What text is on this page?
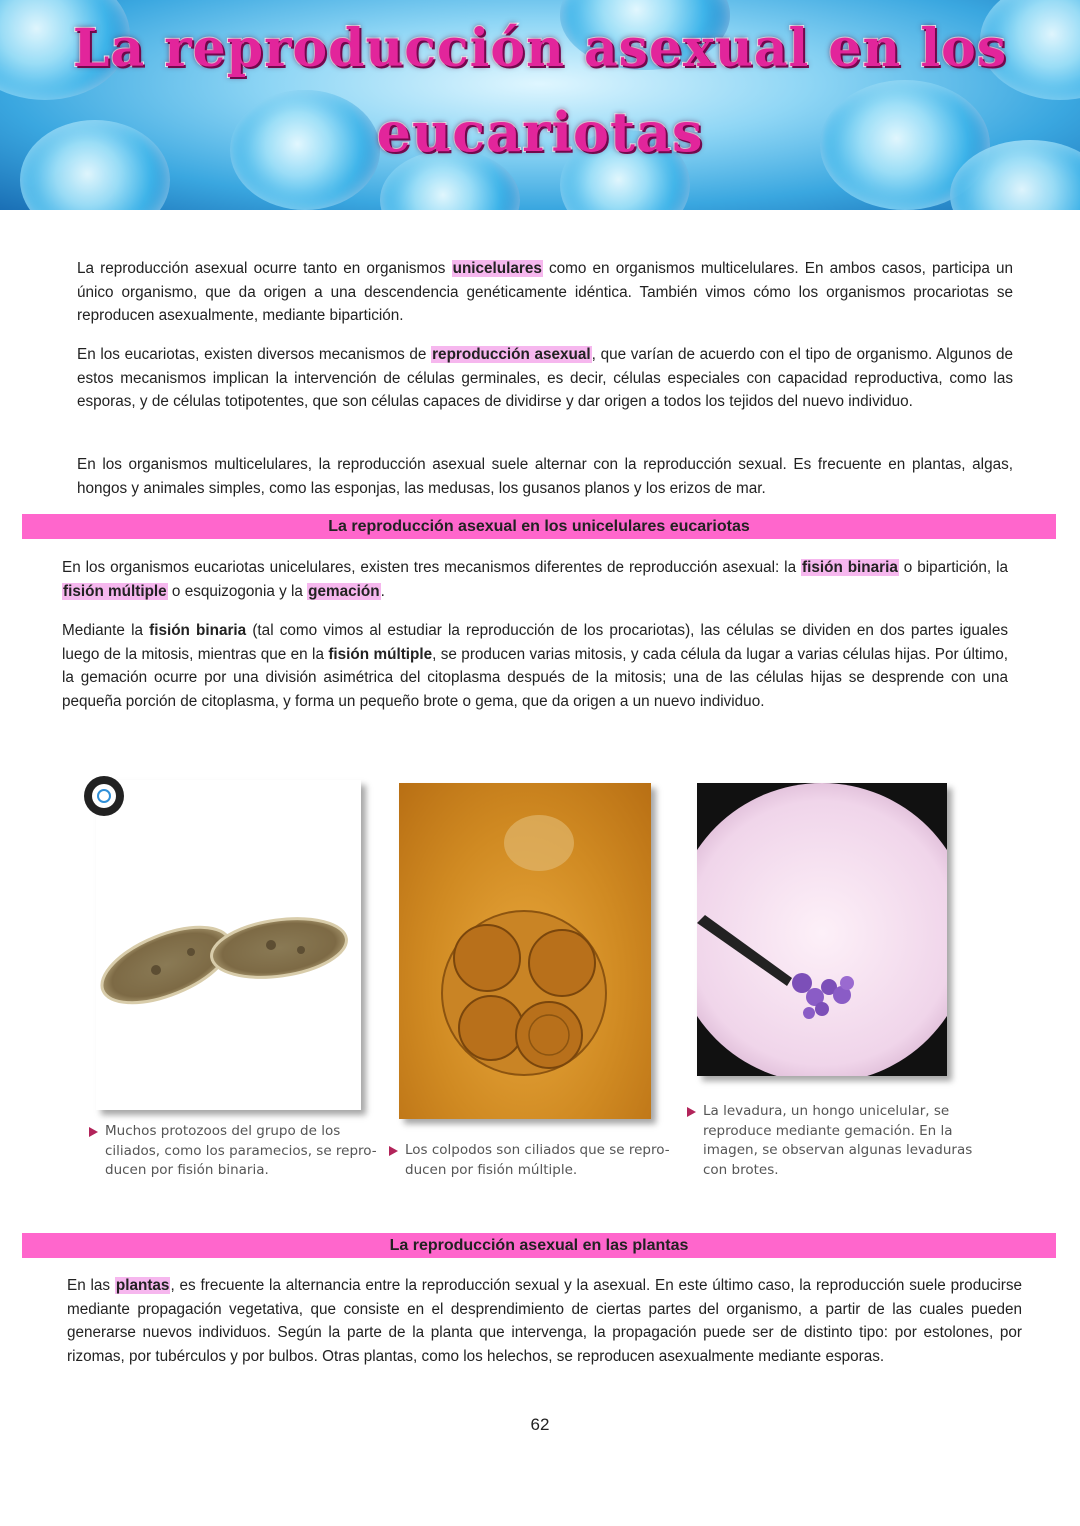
La reproducción asexual en los
eucariotas

La reproducción asexual ocurre tanto en organismos unicelulares como en organismos multicelulares. En ambos casos, participa un único organismo, que da origen a una descendencia genéticamente idéntica. También vimos cómo los organismos procariotas se reproducen asexualmente, mediante bipartición.

En los eucariotas, existen diversos mecanismos de reproducción asexual, que varían de acuerdo con el tipo de organismo. Algunos de estos mecanismos implican la intervención de células germinales, es decir, células especiales con capacidad reproductiva, como las esporas, y de células totipotentes, que son células capaces de dividirse y dar origen a todos los tejidos del nuevo individuo.

En los organismos multicelulares, la reproducción asexual suele alternar con la reproducción sexual. Es frecuente en plantas, algas, hongos y animales simples, como las esponjas, las medusas, los gusanos planos y los erizos de mar.

La reproducción asexual en los unicelulares eucariotas

En los organismos eucariotas unicelulares, existen tres mecanismos diferentes de reproducción asexual: la fisión binaria o bipartición, la fisión múltiple o esquizogonia y la gemación.

Mediante la fisión binaria (tal como vimos al estudiar la reproducción de los procariotas), las células se dividen en dos partes iguales luego de la mitosis, mientras que en la fisión múltiple, se producen varias mitosis, y cada célula da lugar a varias células hijas. Por último, la gemación ocurre por una división asimétrica del citoplasma después de la mitosis; una de las células hijas se desprende con una pequeña porción de citoplasma, y forma un pequeño brote o gema, que da origen a un nuevo individuo.

Muchos protozoos del grupo de los
ciliados, como los paramecios, se repro-
ducen por fisión binaria.
Los colpodos son ciliados que se repro-
ducen por fisión múltiple.
La levadura, un hongo unicelular, se
reproduce mediante gemación. En la
imagen, se observan algunas levaduras
con brotes.
La reproducción asexual en las plantas

En las plantas, es frecuente la alternancia entre la reproducción sexual y la asexual. En este último caso, la reproducción suele producirse mediante propagación vegetativa, que consiste en el desprendimiento de ciertas partes del organismo, a partir de las cuales pueden generarse nuevos individuos. Según la parte de la planta que intervenga, la propagación puede ser de distinto tipo: por estolones, por rizomas, por tubérculos y por bulbos. Otras plantas, como los helechos, se reproducen asexualmente mediante esporas.

62
